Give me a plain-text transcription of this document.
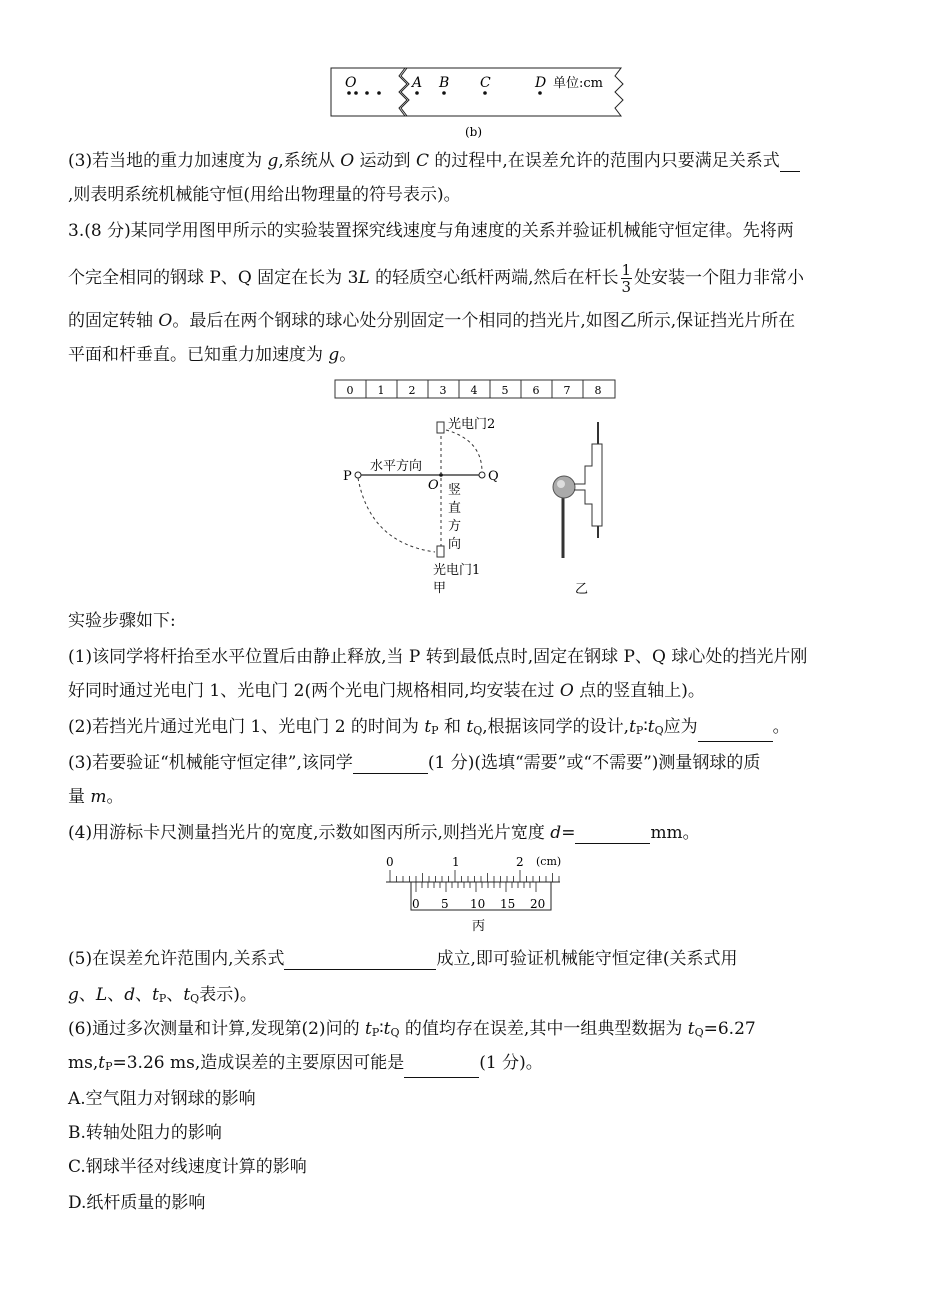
O	A B C	D 单位:cm
(b)
(3)若当地的重力加速度为 g,系统从 O 运动到 C 的过程中,在误差允许的范围内只要满足关系式
,则表明系统机械能守恒(用给出物理量的符号表示)。
3.(8 分)某同学用图甲所示的实验装置探究线速度与角速度的关系并验证机械能守恒定律。先将两
个完全相同的钢球 P、Q 固定在长为 3L 的轻质空心纸杆两端,然后在杆长 $\frac{1}{3}$ 处安装一个阻力非常小
的固定转轴 O。最后在两个钢球的球心处分别固定一个相同的挡光片,如图乙所示,保证挡光片所在
平面和杆垂直。已知重力加速度为 g。
0 1 2 3 4 5 6 7 8
光电门2
水平方向
P	Q
O 竖
直
方
向
光电门1
甲	乙
实验步骤如下:
(1)该同学将杆抬至水平位置后由静止释放,当 P 转到最低点时,固定在钢球 P、Q 球心处的挡光片刚
好同时通过光电门 1、光电门 2(两个光电门规格相同,均安装在过 O 点的竖直轴上)。
(2)若挡光片通过光电门 1、光电门 2 的时间为 $t_P$ 和 $t_Q$,根据该同学的设计$,t_P∶t_Q$应为	。
(3)若要验证“机械能守恒定律”,该同学	(1 分)(选填“需要”或“不需要”)测量钢球的质
量 m。
(4)用游标卡尺测量挡光片的宽度,示数如图丙所示,则挡光片宽度 d=	mm。
0	1	2 (cm)
0 5 10 15 20
丙
(5)在误差允许范围内,关系式	成立,即可验证机械能守恒定律(关系式用
g、L、d、$t_P$、$t_Q$表示)。
(6)通过多次测量和计算,发现第(2)问的 $t_P∶t_Q$ 的值均存在误差,其中一组典型数据为 $t_Q=6.27$
$ms,t_P=3.26$ ms,造成误差的主要原因可能是	(1 分)。
A.空气阻力对钢球的影响
B.转轴处阻力的影响
C.钢球半径对线速度计算的影响
D.纸杆质量的影响
